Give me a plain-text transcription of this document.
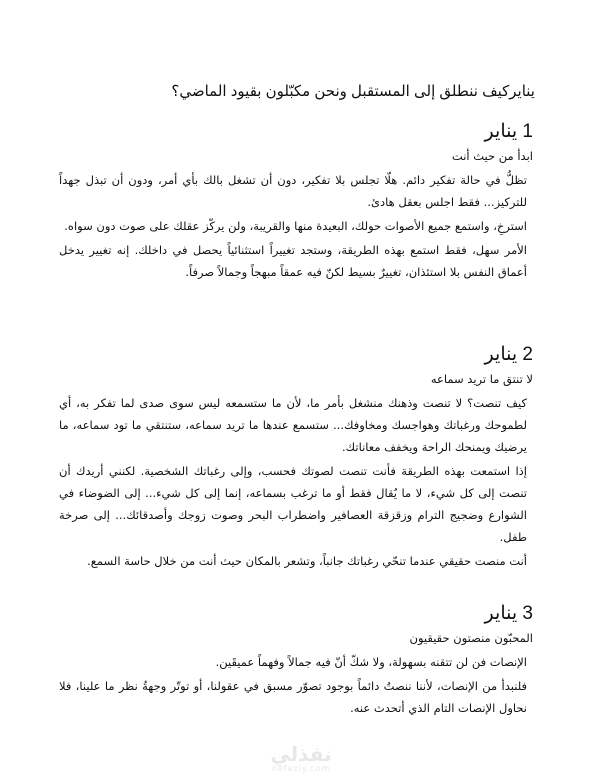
ينايركيف ننطلق إلى المستقبل ونحن مكبّلون بقيود الماضي؟
1 يناير
ابدأ من حيث أنت

تظلُّ في حالة تفكير دائم. هلّا تجلس بلا تفكير، دون أن تشغل بالك بأي أمر، ودون أن تبذل جهداً للتركيز... فقط اجلس بعقل هادئ.

استرخِ، واستمع جميع الأصوات حولك، البعيدة منها والقريبة، ولن يركّز عقلك على صوت دون سواه.

الأمر سهل، فقط استمع بهذه الطريقة، وستجد تغييراً استثنائياً يحصل في داخلك. إنه تغيير يدخل أعماق النفس بلا استئذان، تغييرٌ بسيط لكنّ فيه عمقاً مبهجاً وجمالاً صرفاً.

2 يناير
لا تنتق ما تريد سماعه

كيف تنصت؟ لا تنصت وذهنك منشغل بأمر ما، لأن ما ستسمعه ليس سوى صدى لما تفكر به، أي لطموحك ورغباتك وهواجسك ومخاوفك... ستسمع عندها ما تريد سماعه، ستنتقي ما تود سماعه، ما يرضيك ويمنحك الراحة ويخفف معاناتك.

إذا استمعت بهذه الطريقة فأنت تنصت لصوتك فحسب، وإلى رغباتك الشخصية. لكنني أريدك أن تنصت إلى كل شيء، لا ما يُقال فقط أو ما ترغب بسماعه، إنما إلى كل شيء... إلى الضوضاء في الشوارع وضجيج الترام وزقزقة العصافير واضطراب البحر وصوت زوجك وأصدقائك... إلى صرخة طفل.

أنت منصت حقيقي عندما تنحّي رغباتك جانباً، وتشعر بالمكان حيث أنت من خلال حاسة السمع.

3 يناير
المحبّون منصتون حقيقيون

الإنصات فن لن تتقنه بسهولة، ولا شكّ أنّ فيه جمالاً وفهماً عميقَين.

فلنبدأ من الإنصات، لأننا ننصتُ دائماً بوجود تصوّر مسبق في عقولنا، أو توتّر وجهةُ نظر ما علينا، فلا نحاول الإنصات التام الذي أتحدث عنه.

نفذلي
nafezly.com
